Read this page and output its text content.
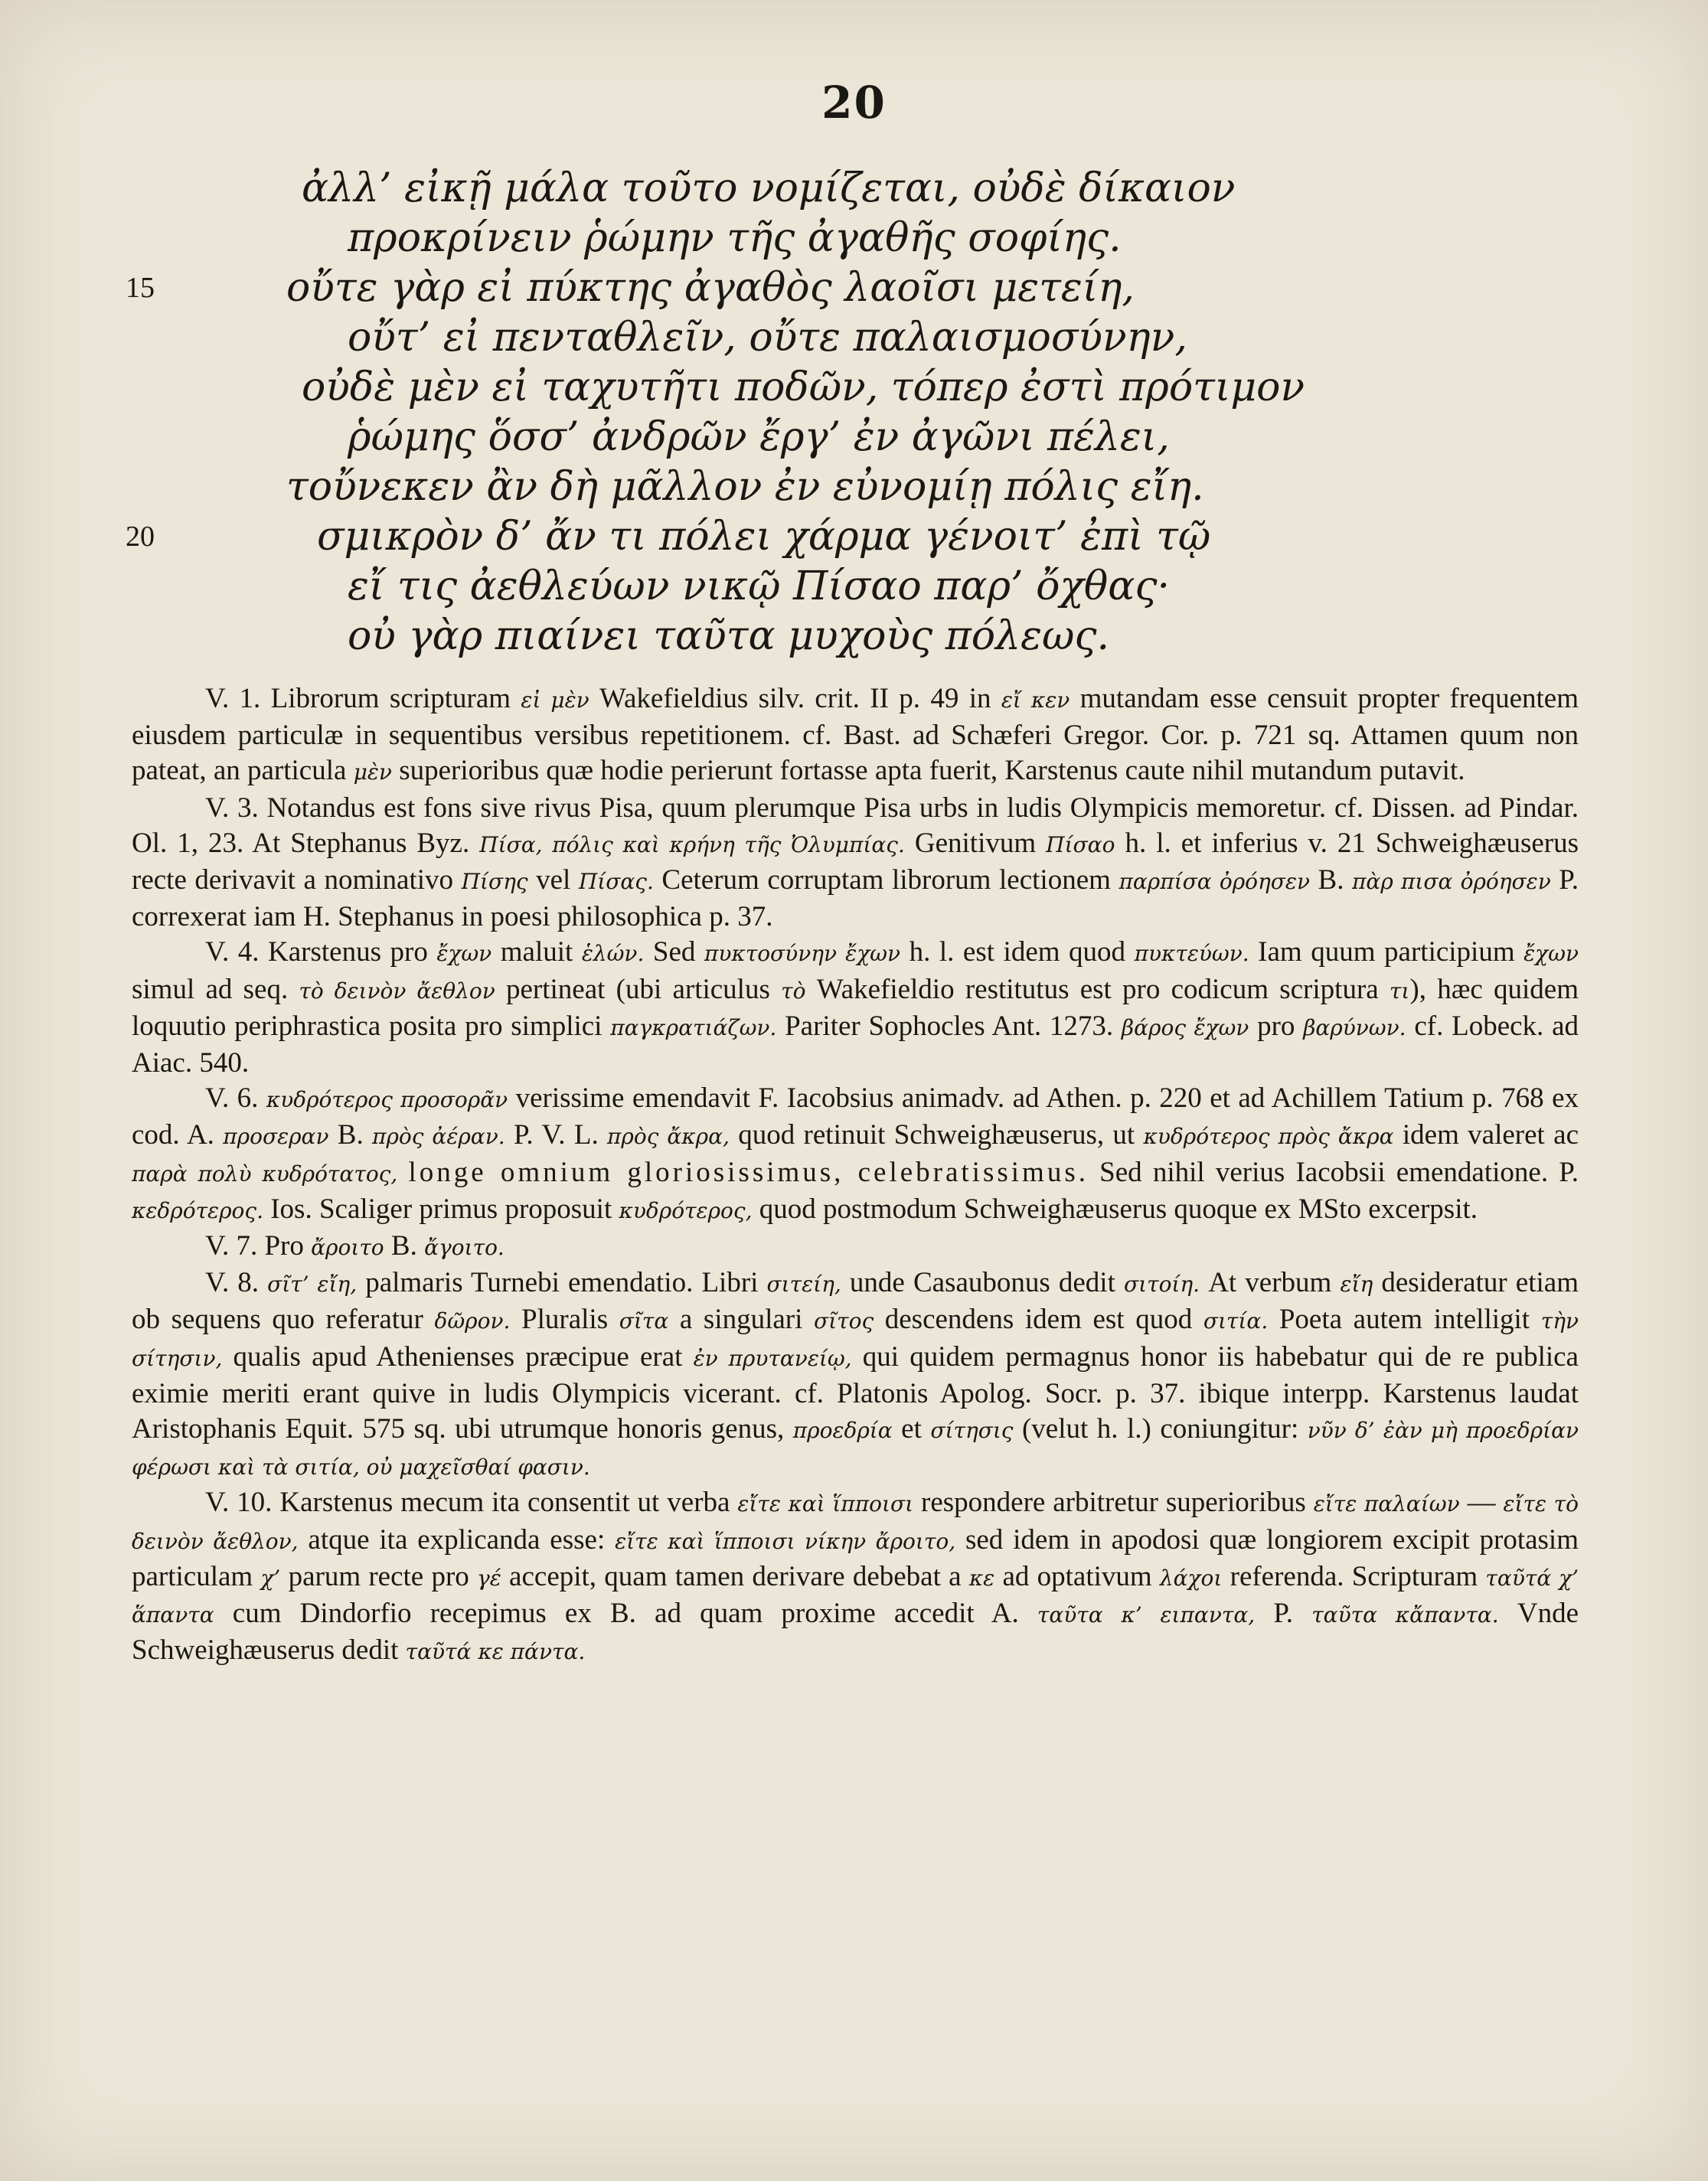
20
ἀλλ’ εἰκῇ μάλα τοῦτο νομίζεται, οὐδὲ δίκαιον
προκρίνειν ῥώμην τῆς ἀγαθῆς σοφίης.
15	οὔτε γὰρ εἰ πύκτης ἀγαθὸς λαοῖσι μετείη,
οὔτ’ εἰ πενταθλεῖν, οὔτε παλαισμοσύνην,
οὐδὲ μὲν εἰ ταχυτῆτι ποδῶν, τόπερ ἐστὶ πρότιμον
ῥώμης ὅσσ’ ἀνδρῶν ἔργ’ ἐν ἀγῶνι πέλει,
τοὔνεκεν ἂν δὴ μᾶλλον ἐν εὐνομίῃ πόλις εἴη.
20	σμικρὸν δ’ ἄν τι πόλει χάρμα γένοιτ’ ἐπὶ τῷ
εἴ τις ἀεθλεύων νικῷ Πίσαο παρ’ ὄχθας·
οὐ γὰρ πιαίνει ταῦτα μυχοὺς πόλεως.

V. 1. Librorum scripturam εἰ μὲν Wakefieldius silv. crit. II p. 49 in εἴ κεν mutandam esse censuit propter frequentem eiusdem particulæ in sequentibus versibus repetitionem. cf. Bast. ad Schæferi Gregor. Cor. p. 721 sq. Attamen quum non pateat, an particula μὲν superioribus quæ hodie perierunt fortasse apta fuerit, Karstenus caute nihil mutandum putavit.

V. 3. Notandus est fons sive rivus Pisa, quum plerumque Pisa urbs in ludis Olympicis memoretur. cf. Dissen. ad Pindar. Ol. 1, 23. At Stephanus Byz. Πίσα, πόλις καὶ κρήνη τῆς Ὀλυμπίας. Genitivum Πίσαο h. l. et inferius v. 21 Schweighæuserus recte derivavit a nominativo Πίσης vel Πίσας. Ceterum corruptam librorum lectionem παρπίσα ὀρόησεν B. πὰρ πισα ὀρόησεν P. correxerat iam H. Stephanus in poesi philosophica p. 37.

V. 4. Karstenus pro ἔχων maluit ἑλών. Sed πυκτοσύνην ἔχων h. l. est idem quod πυκτεύων. Iam quum participium ἔχων simul ad seq. τὸ δεινὸν ἄεθλον pertineat (ubi articulus τὸ Wakefieldio restitutus est pro codicum scriptura τι), hæc quidem loquutio periphrastica posita pro simplici παγκρατιάζων. Pariter Sophocles Ant. 1273. βάρος ἔχων pro βαρύνων. cf. Lobeck. ad Aiac. 540.

V. 6. κυδρότερος προσορᾶν verissime emendavit F. Iacobsius animadv. ad Athen. p. 220 et ad Achillem Tatium p. 768 ex cod. A. προσεραν B. πρὸς ἀέραν. P. V. L. πρὸς ἄκρα, quod retinuit Schweighæuserus, ut κυδρότερος πρὸς ἄκρα idem valeret ac παρὰ πολὺ κυδρότατος, longe omnium gloriosissimus, celebratissimus. Sed nihil verius Iacobsii emendatione. P. κεδρότερος. Ios. Scaliger primus proposuit κυδρότερος, quod postmodum Schweighæuserus quoque ex MSto excerpsit.

V. 7. Pro ἄροιτο B. ἄγοιτο.

V. 8. σῖτ’ εἴη, palmaris Turnebi emendatio. Libri σιτείη, unde Casaubonus dedit σιτοίη. At verbum εἴη desideratur etiam ob sequens quo referatur δῶρον. Pluralis σῖτα a singulari σῖτος descendens idem est quod σιτία. Poeta autem intelligit τὴν σίτησιν, qualis apud Athenienses præcipue erat ἐν πρυτανείῳ, qui quidem permagnus honor iis habebatur qui de re publica eximie meriti erant quive in ludis Olympicis vicerant. cf. Platonis Apolog. Socr. p. 37. ibique interpp. Karstenus laudat Aristophanis Equit. 575 sq. ubi utrumque honoris genus, προεδρία et σίτησις (velut h. l.) coniungitur: νῦν δ’ ἐὰν μὴ προεδρίαν φέρωσι καὶ τὰ σιτία, οὐ μαχεῖσθαί φασιν.

V. 10. Karstenus mecum ita consentit ut verba εἴτε καὶ ἵπποισι respondere arbitretur superioribus εἴτε παλαίων — εἴτε τὸ δεινὸν ἄεθλον, atque ita explicanda esse: εἴτε καὶ ἵπποισι νίκην ἄροιτο, sed idem in apodosi quæ longiorem excipit protasim particulam χ’ parum recte pro γέ accepit, quam tamen derivare debebat a κε ad optativum λάχοι referenda. Scripturam ταῦτά χ’ ἅπαντα cum Dindorfio recepimus ex B. ad quam proxime accedit A. ταῦτα κ’ ειπαντα, P. ταῦτα κἄπαντα. Vnde Schweighæuserus dedit ταῦτά κε πάντα.
